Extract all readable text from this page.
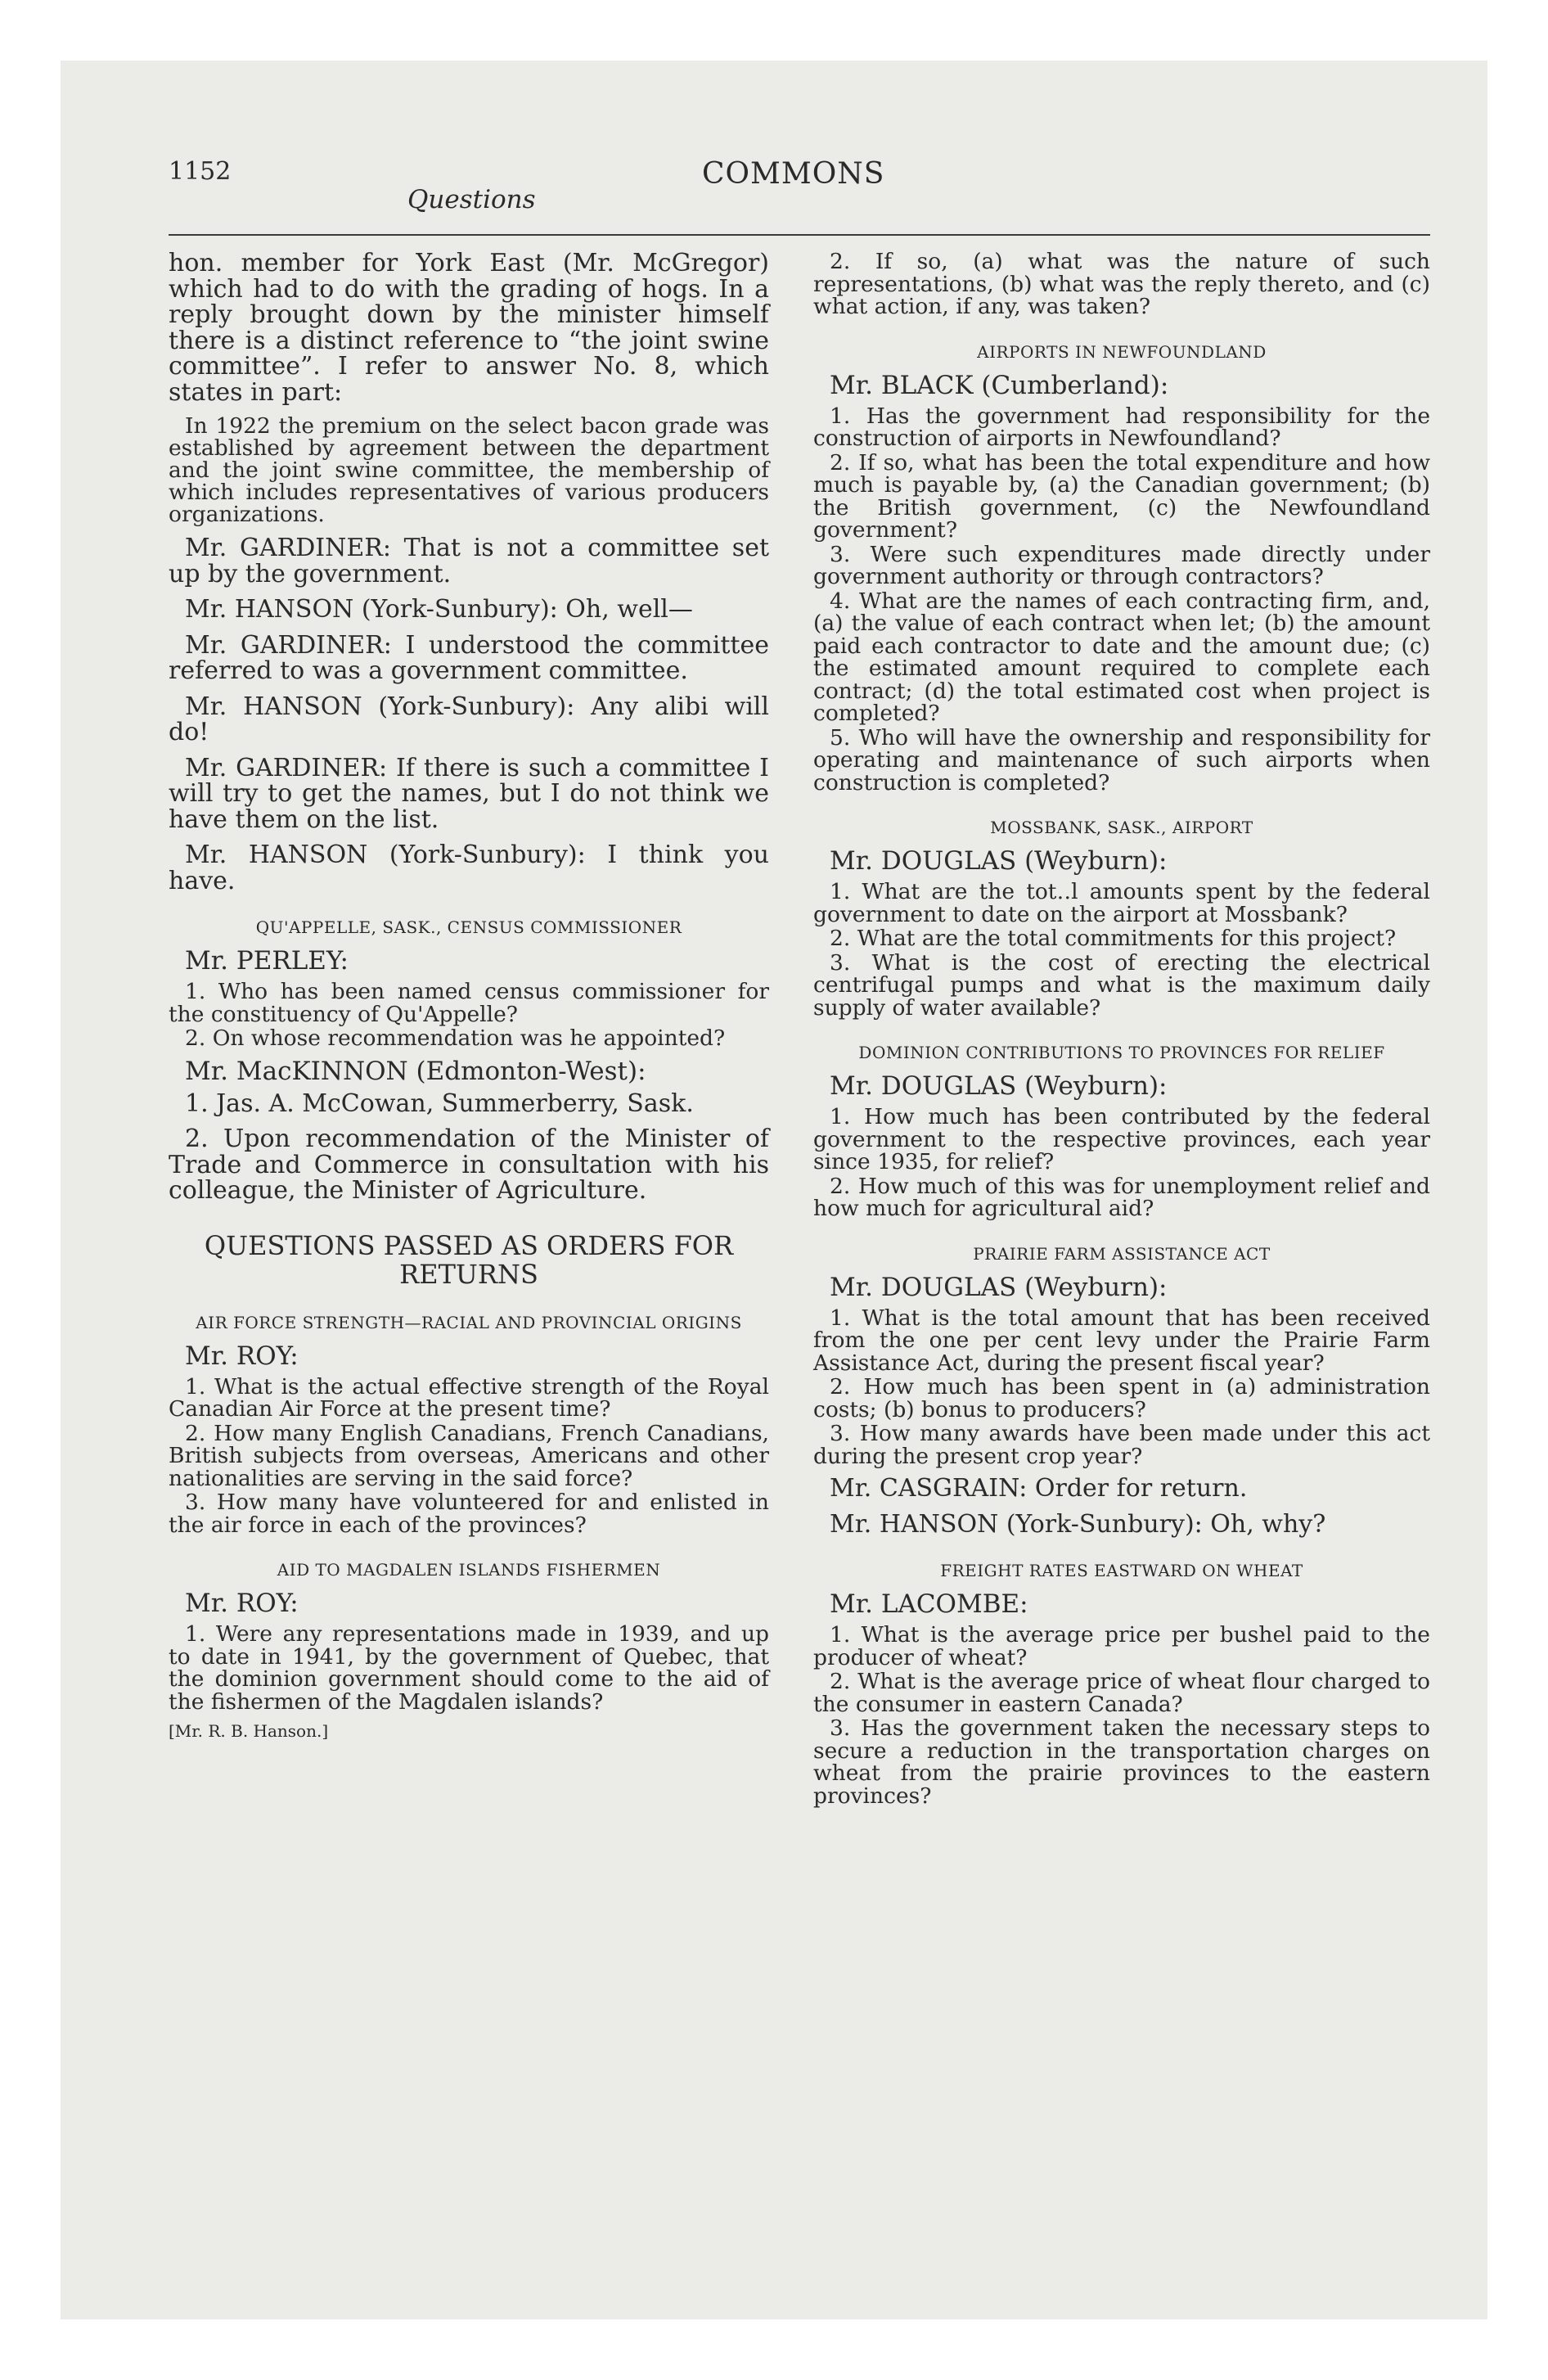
1152
Questions
COMMONS

hon. member for York East (Mr. McGregor) which had to do with the grading of hogs. In a reply brought down by the minister himself there is a distinct reference to “the joint swine committee”. I refer to answer No. 8, which states in part:

In 1922 the premium on the select bacon grade was established by agreement between the department and the joint swine committee, the membership of which includes representatives of various producers organizations.

Mr. GARDINER: That is not a committee set up by the government.

Mr. HANSON (York-Sunbury): Oh, well—

Mr. GARDINER: I understood the committee referred to was a government committee.

Mr. HANSON (York-Sunbury): Any alibi will do!

Mr. GARDINER: If there is such a committee I will try to get the names, but I do not think we have them on the list.

Mr. HANSON (York-Sunbury): I think you have.

QU'APPELLE, SASK., CENSUS COMMISSIONER
Mr. PERLEY:

1. Who has been named census commissioner for the constituency of Qu'Appelle?

2. On whose recommendation was he appointed?

Mr. MacKINNON (Edmonton-West):

1. Jas. A. McCowan, Summerberry, Sask.

2. Upon recommendation of the Minister of Trade and Commerce in consultation with his colleague, the Minister of Agriculture.

QUESTIONS PASSED AS ORDERS FOR RETURNS
AIR FORCE STRENGTH—RACIAL AND PROVINCIAL ORIGINS
Mr. ROY:

1. What is the actual effective strength of the Royal Canadian Air Force at the present time?

2. How many English Canadians, French Canadians, British subjects from overseas, Americans and other nationalities are serving in the said force?

3. How many have volunteered for and enlisted in the air force in each of the provinces?

AID TO MAGDALEN ISLANDS FISHERMEN
Mr. ROY:

1. Were any representations made in 1939, and up to date in 1941, by the government of Quebec, that the dominion government should come to the aid of the fishermen of the Magdalen islands?

[Mr. R. B. Hanson.]

2. If so, (a) what was the nature of such representations, (b) what was the reply thereto, and (c) what action, if any, was taken?

AIRPORTS IN NEWFOUNDLAND
Mr. BLACK (Cumberland):

1. Has the government had responsibility for the construction of airports in Newfoundland?

2. If so, what has been the total expenditure and how much is payable by, (a) the Canadian government; (b) the British government, (c) the Newfoundland government?

3. Were such expenditures made directly under government authority or through contractors?

4. What are the names of each contracting firm, and, (a) the value of each contract when let; (b) the amount paid each contractor to date and the amount due; (c) the estimated amount required to complete each contract; (d) the total estimated cost when project is completed?

5. Who will have the ownership and responsibility for operating and maintenance of such airports when construction is completed?

MOSSBANK, SASK., AIRPORT
Mr. DOUGLAS (Weyburn):

1. What are the tot‥l amounts spent by the federal government to date on the airport at Mossbank?

2. What are the total commitments for this project?

3. What is the cost of erecting the electrical centrifugal pumps and what is the maximum daily supply of water available?

DOMINION CONTRIBUTIONS TO PROVINCES FOR RELIEF
Mr. DOUGLAS (Weyburn):

1. How much has been contributed by the federal government to the respective provinces, each year since 1935, for relief?

2. How much of this was for unemployment relief and how much for agricultural aid?

PRAIRIE FARM ASSISTANCE ACT
Mr. DOUGLAS (Weyburn):

1. What is the total amount that has been received from the one per cent levy under the Prairie Farm Assistance Act, during the present fiscal year?

2. How much has been spent in (a) administration costs; (b) bonus to producers?

3. How many awards have been made under this act during the present crop year?

Mr. CASGRAIN: Order for return.

Mr. HANSON (York-Sunbury): Oh, why?

FREIGHT RATES EASTWARD ON WHEAT
Mr. LACOMBE:

1. What is the average price per bushel paid to the producer of wheat?

2. What is the average price of wheat flour charged to the consumer in eastern Canada?

3. Has the government taken the necessary steps to secure a reduction in the transportation charges on wheat from the prairie provinces to the eastern provinces?
